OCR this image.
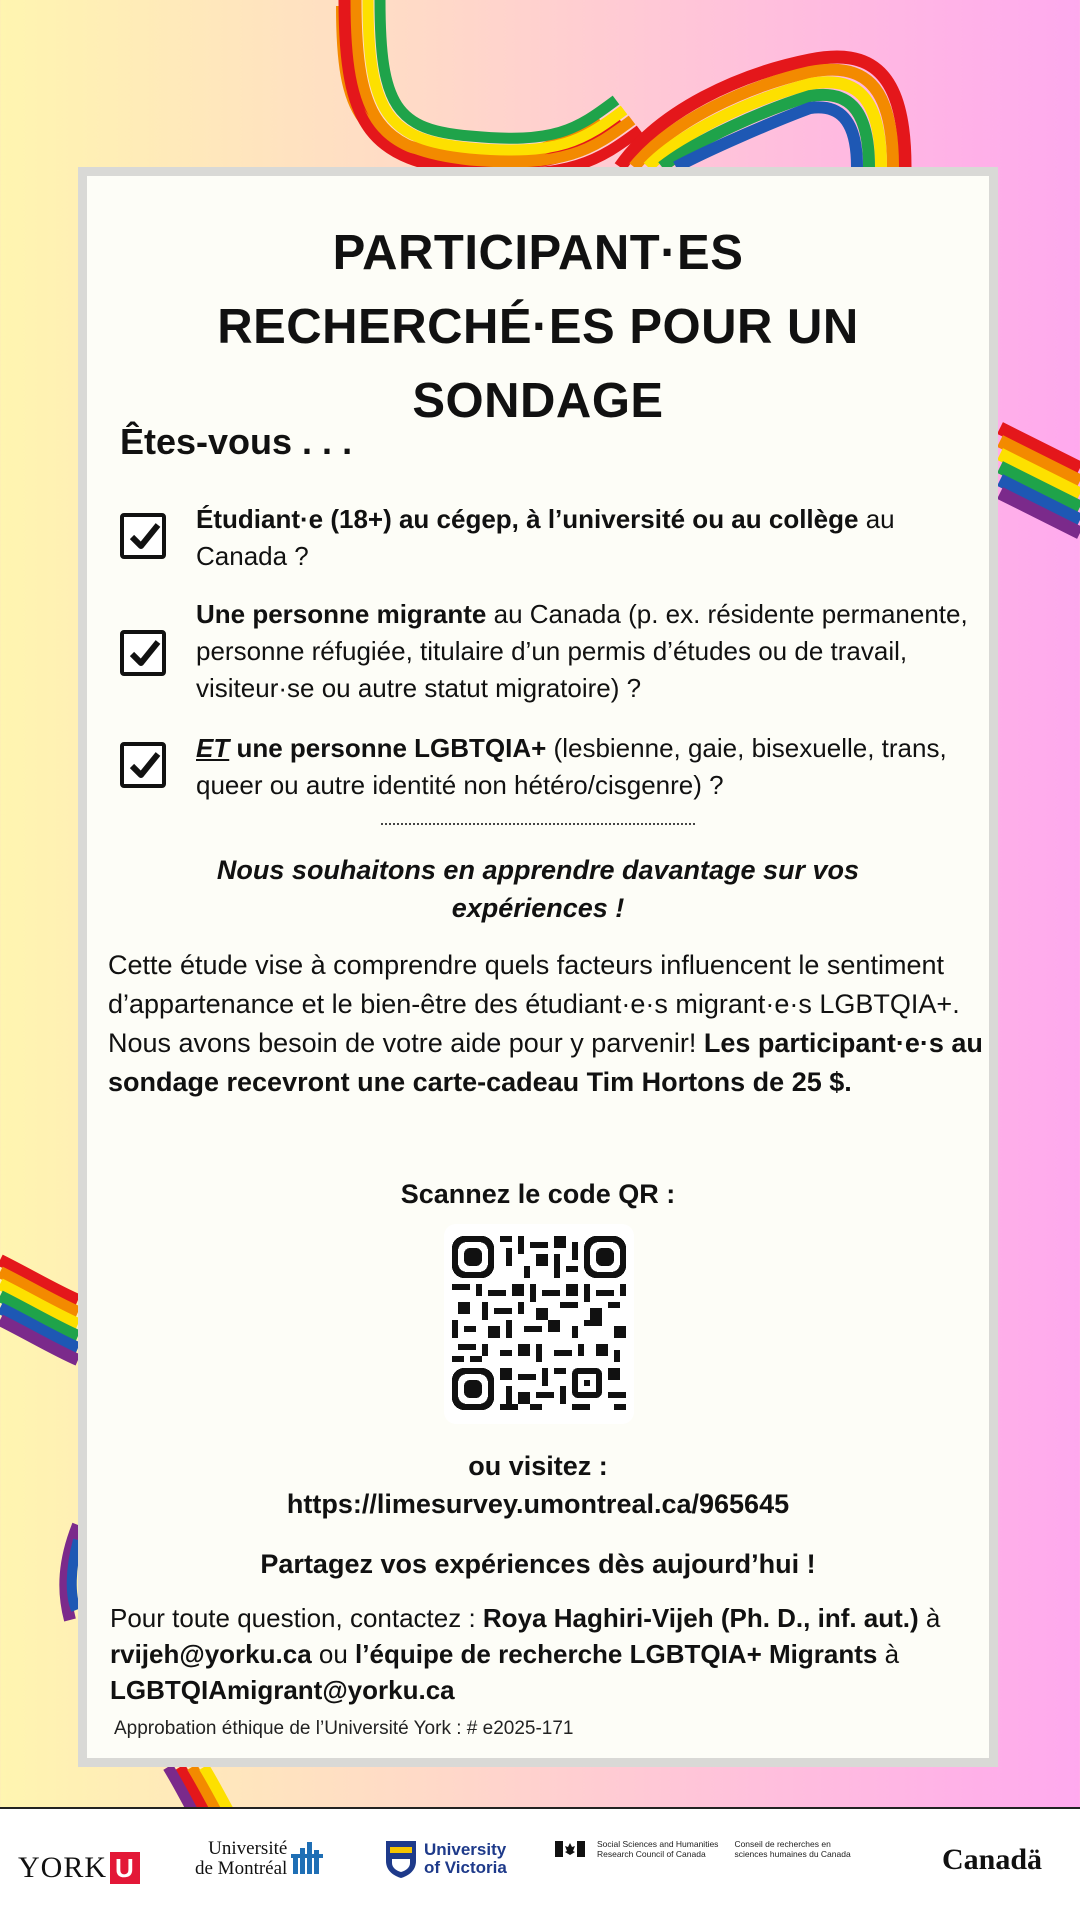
PARTICIPANT·ES
RECHERCHÉ·ES POUR UN
SONDAGE
Êtes-vous . . .
Étudiant·e (18+) au cégep, à l’université ou au collège au Canada ?
Une personne migrante au Canada (p. ex. résidente permanente, personne réfugiée, titulaire d’un permis d’études ou de travail, visiteur·se ou autre statut migratoire) ?
ET une personne LGBTQIA+ (lesbienne, gaie, bisexuelle, trans, queer ou autre identité non hétéro/cisgenre) ?
Nous souhaitons en apprendre davantage sur vos expériences !
Cette étude vise à comprendre quels facteurs influencent le sentiment d’appartenance et le bien-être des étudiant·e·s migrant·e·s LGBTQIA+. Nous avons besoin de votre aide pour y parvenir! Les participant·e·s au sondage recevront une carte-cadeau Tim Hortons de 25 $.
Scannez le code QR :
ou visitez :
https://limesurvey.umontreal.ca/965645
Partagez vos expériences dès aujourd’hui !
Pour toute question, contactez : Roya Haghiri-Vijeh (Ph. D., inf. aut.) à rvijeh@yorku.ca ou l’équipe de recherche LGBTQIA+ Migrants à LGBTQIAmigrant@yorku.ca
Approbation éthique de l’Université York : # e2025-171
YORK U
Université
de Montréal
University
of Victoria
Social Sciences and Humanities
Research Council of Canada
Conseil de recherches en
sciences humaines du Canada	Canadä
